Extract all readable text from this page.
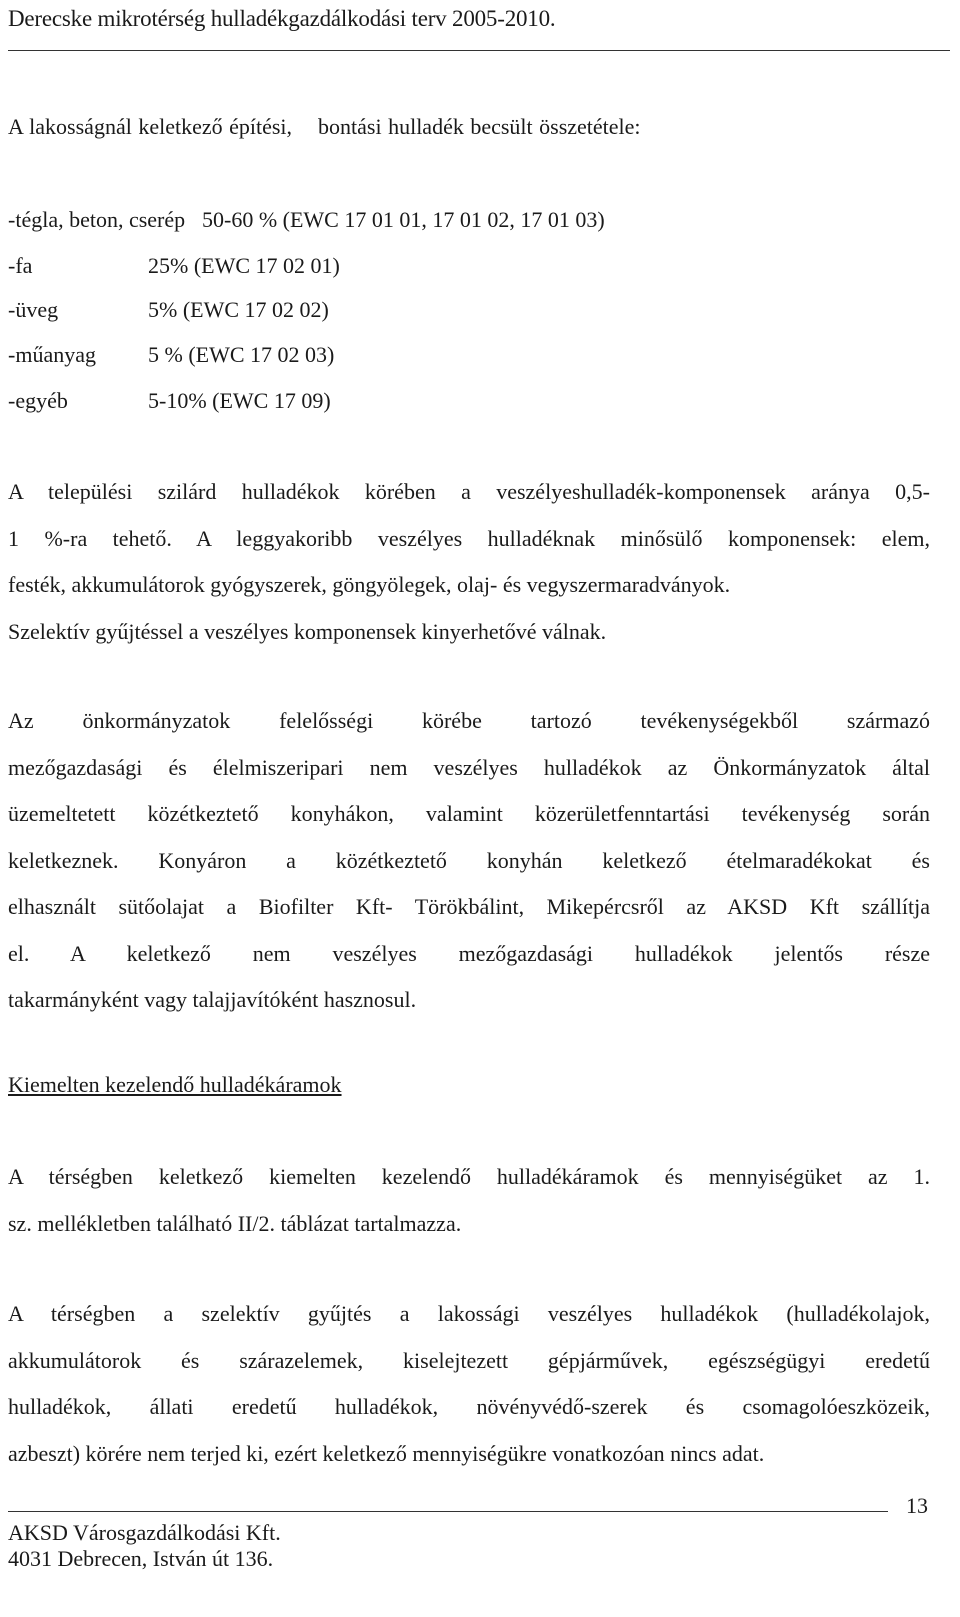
Derecske mikrotérség hulladékgazdálkodási terv 2005-2010.
A lakosságnál keletkező építési,    bontási hulladék becsült összetétele:
-tégla, beton, cserép 50-60 % (EWC 17 01 01, 17 01 02, 17 01 03)
-fa	25% (EWC 17 02 01)
-üveg	5% (EWC 17 02 02)
-műanyag 5 % (EWC 17 02 03)
-egyéb	5-10% (EWC 17 09)
A települési szilárd hulladékok körében a veszélyeshulladék-komponensek aránya 0,5-
1 %-ra tehető. A leggyakoribb veszélyes hulladéknak minősülő komponensek: elem,
festék, akkumulátorok gyógyszerek, göngyölegek, olaj- és vegyszermaradványok.
Szelektív gyűjtéssel a veszélyes komponensek kinyerhetővé válnak.
Az önkormányzatok felelősségi körébe tartozó tevékenységekből származó
mezőgazdasági és élelmiszeripari nem veszélyes hulladékok az Önkormányzatok által
üzemeltetett közétkeztető konyhákon, valamint közerületfenntartási tevékenység során
keletkeznek. Konyáron a közétkeztető konyhán keletkező ételmaradékokat és
elhasznált sütőolajat a Biofilter Kft- Törökbálint, Mikepércsről az AKSD Kft szállítja
el. A keletkező nem veszélyes mezőgazdasági hulladékok jelentős része
takarmányként vagy talajjavítóként hasznosul.
Kiemelten kezelendő hulladékáramok
A térségben keletkező kiemelten kezelendő hulladékáramok és mennyiségüket az 1.
sz. mellékletben található II/2. táblázat tartalmazza.
A térségben a szelektív gyűjtés a lakossági veszélyes hulladékok (hulladékolajok,
akkumulátorok és szárazelemek, kiselejtezett gépjárművek, egészségügyi eredetű
hulladékok, állati eredetű hulladékok, növényvédő-szerek és csomagolóeszközeik,
azbeszt) körére nem terjed ki, ezért keletkező mennyiségükre vonatkozóan nincs adat.
13
AKSD Városgazdálkodási Kft.
4031 Debrecen, István út 136.
